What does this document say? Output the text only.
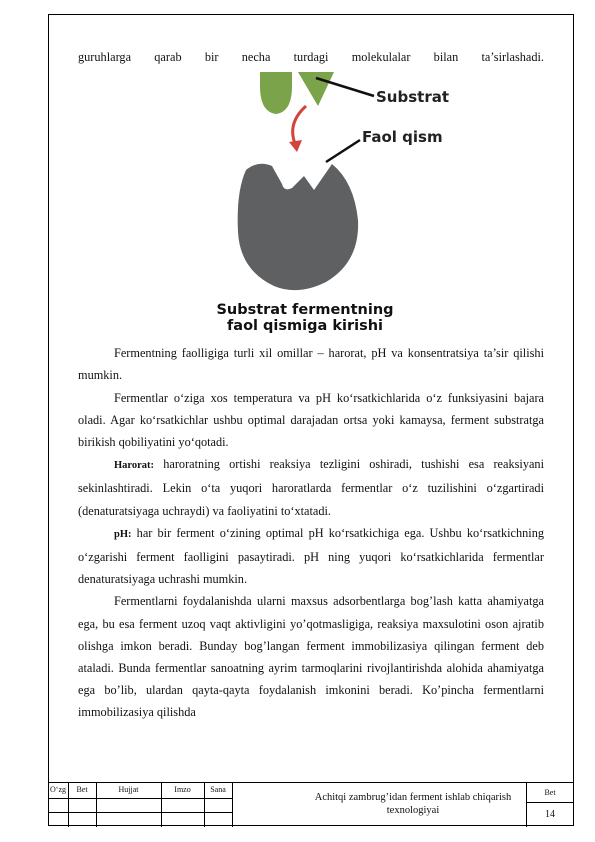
guruhlarga qarab bir necha turdagi molekulalar bilan ta’sirlashadi.

Substrat
Faol qism
Substrat fermentning
faol qismiga kirishi

Fermentning faolligiga turli xil omillar – harorat, pH va konsentratsiya ta’sir qilishi mumkin.

Fermentlar o‘ziga xos temperatura va pH ko‘rsatkichlarida o‘z funksiyasini bajara oladi. Agar ko‘rsatkichlar ushbu optimal darajadan ortsa yoki kamaysa, ferment substratga birikish qobiliyatini yo‘qotadi.

Harorat: haroratning ortishi reaksiya tezligini oshiradi, tushishi esa reaksiyani sekinlashtiradi. Lekin o‘ta yuqori haroratlarda fermentlar o‘z tuzilishini o‘zgartiradi (denaturatsiyaga uchraydi) va faoliyatini to‘xtatadi.

pH: har bir ferment o‘zining optimal pH ko‘rsatkichiga ega. Ushbu ko‘rsatkichning o‘zgarishi ferment faolligini pasaytiradi. pH ning yuqori ko‘rsatkichlarida fermentlar denaturatsiyaga uchrashi mumkin.

Fermentlarni foydalanishda ularni maxsus adsorbentlarga bog’lash katta ahamiyatga ega, bu esa ferment uzoq vaqt aktivligini yo’qotmasligiga, reaksiya maxsulotini oson ajratib olishga imkon beradi. Bunday bog’langan ferment immobilizasiya qilingan ferment deb ataladi. Bunda fermentlar sanoatning ayrim tarmoqlarini rivojlantirishda alohida ahamiyatga ega bo’lib, ulardan qayta-qayta foydalanish imkonini beradi. Ko’pincha fermentlarni immobilizasiya qilishda

O‘zg	Bet	Hujjat	Imzo	Sana
Achitqi zambrug’idan ferment ishlab chiqarish texnologiyai
Bet
14
